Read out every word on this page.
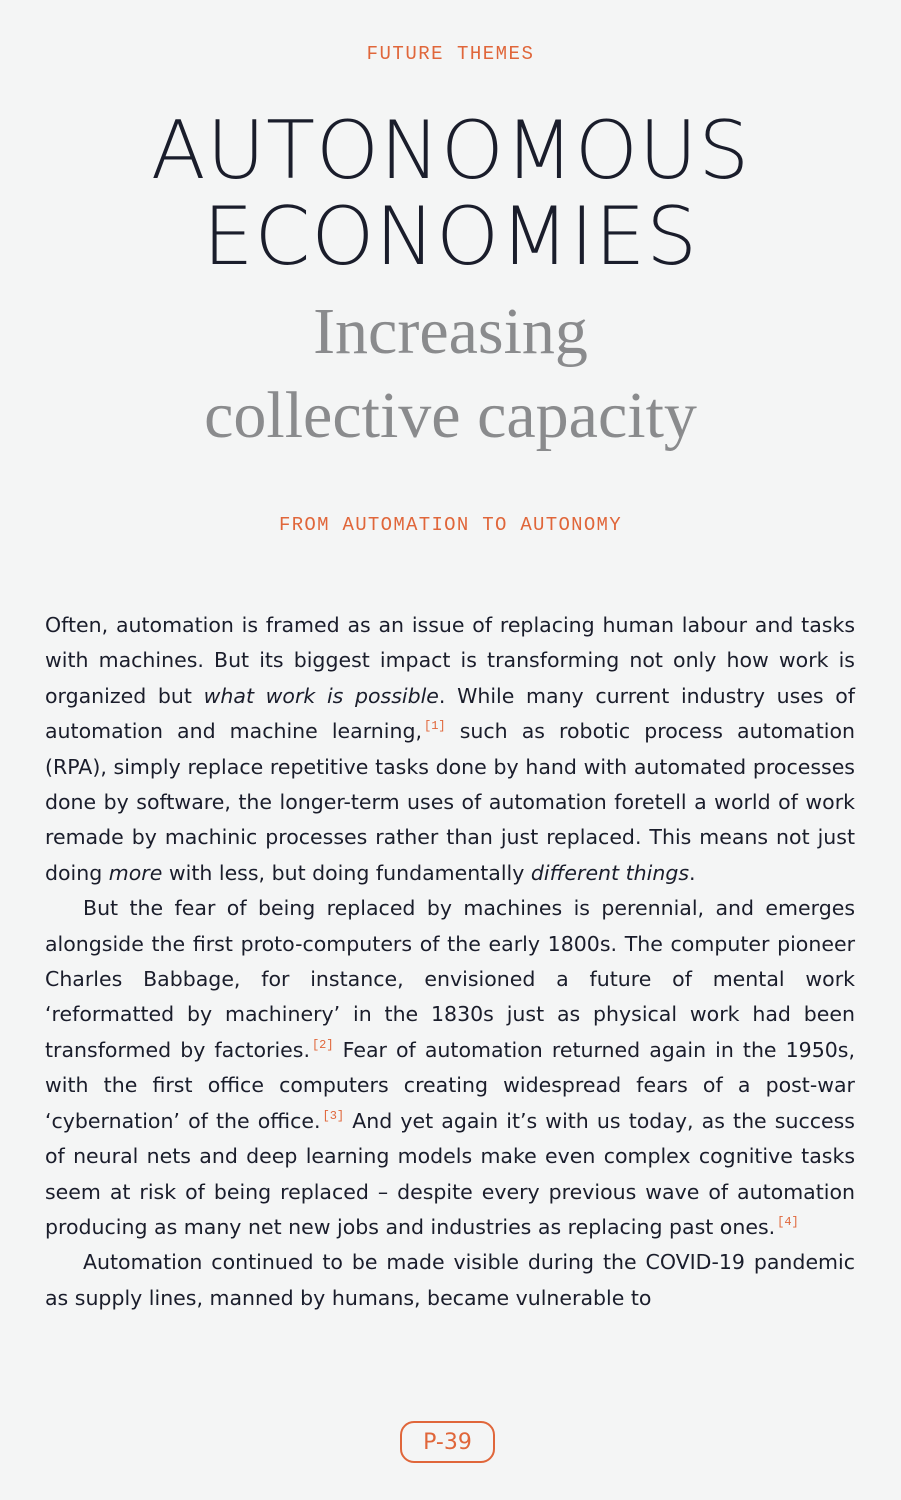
FUTURE THEMES
AUTONOMOUS
ECONOMIES
Increasing
collective capacity
FROM AUTOMATION TO AUTONOMY

Often, automation is framed as an issue of replacing human labour and tasks with machines. But its biggest impact is transforming not only how work is organized but what work is possible. While many current industry uses of automation and machine learning, [1] such as robotic process automation (RPA), simply replace repetitive tasks done by hand with automated processes done by software, the longer-term uses of automation foretell a world of work remade by machinic processes rather than just replaced. This means not just doing more with less, but doing fundamentally different things.

But the fear of being replaced by machines is perennial, and emerges alongside the first proto-computers of the early 1800s. The computer pioneer Charles Babbage, for instance, envisioned a future of mental work ‘reformatted by machinery’ in the 1830s just as physical work had been transformed by factories. [2] Fear of automation returned again in the 1950s, with the first office computers creating widespread fears of a post-war ‘cybernation’ of the office. [3] And yet again it’s with us today, as the success of neural nets and deep learning models make even complex cognitive tasks seem at risk of being replaced – despite every previous wave of automation producing as many net new jobs and industries as replacing past ones. [4]

Automation continued to be made visible during the COVID-19 pandemic as supply lines, manned by humans, became vulnerable to

P-39
